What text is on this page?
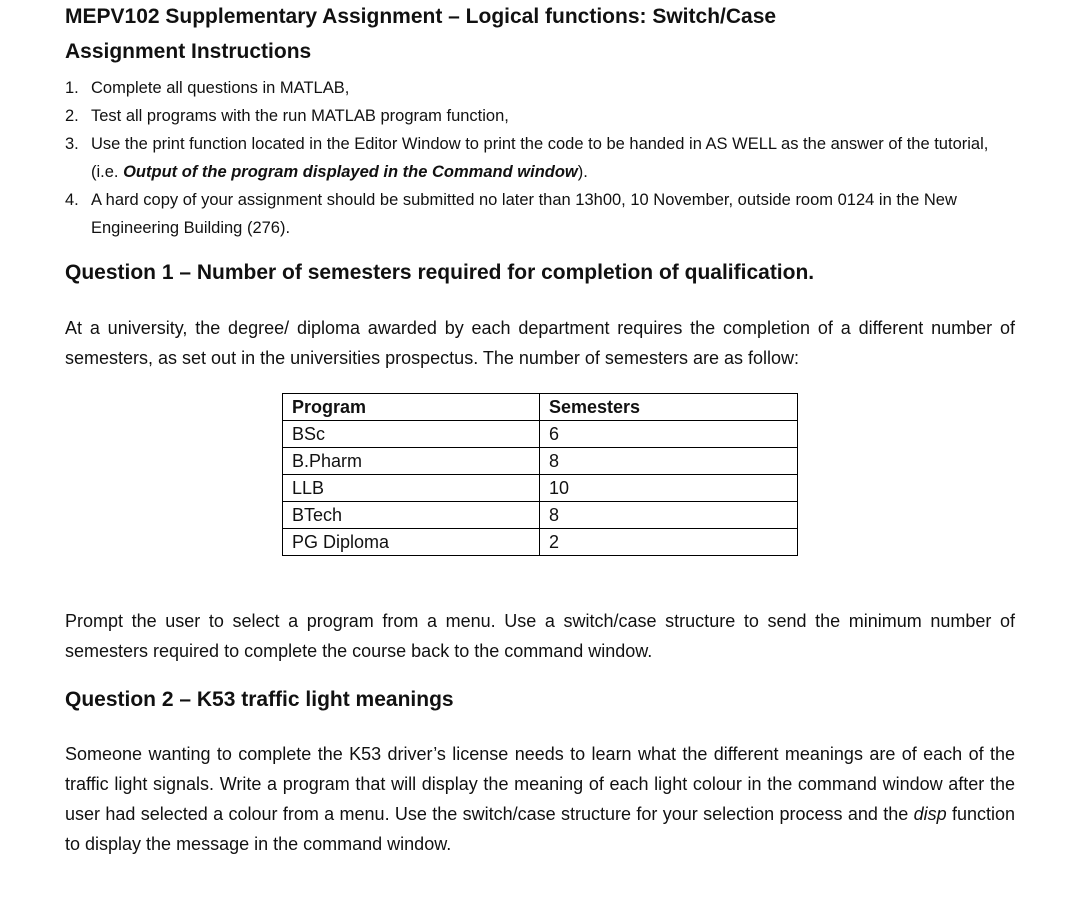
MEPV102 Supplementary Assignment – Logical functions: Switch/Case
Assignment Instructions
1. Complete all questions in MATLAB,
2. Test all programs with the run MATLAB program function,
3. Use the print function located in the Editor Window to print the code to be handed in AS WELL as the answer of the tutorial, (i.e. Output of the program displayed in the Command window).
4. A hard copy of your assignment should be submitted no later than 13h00, 10 November, outside room 0124 in the New Engineering Building (276).
Question 1 – Number of semesters required for completion of qualification.

At a university, the degree/ diploma awarded by each department requires the completion of a different number of semesters, as set out in the universities prospectus. The number of semesters are as follow:

Program	Semesters
BSc	6
B.Pharm	8
LLB	10
BTech	8
PG Diploma	2

Prompt the user to select a program from a menu. Use a switch/case structure to send the minimum number of semesters required to complete the course back to the command window.

Question 2 – K53 traffic light meanings

Someone wanting to complete the K53 driver’s license needs to learn what the different meanings are of each of the traffic light signals. Write a program that will display the meaning of each light colour in the command window after the user had selected a colour from a menu. Use the switch/case structure for your selection process and the disp function to display the message in the command window.
